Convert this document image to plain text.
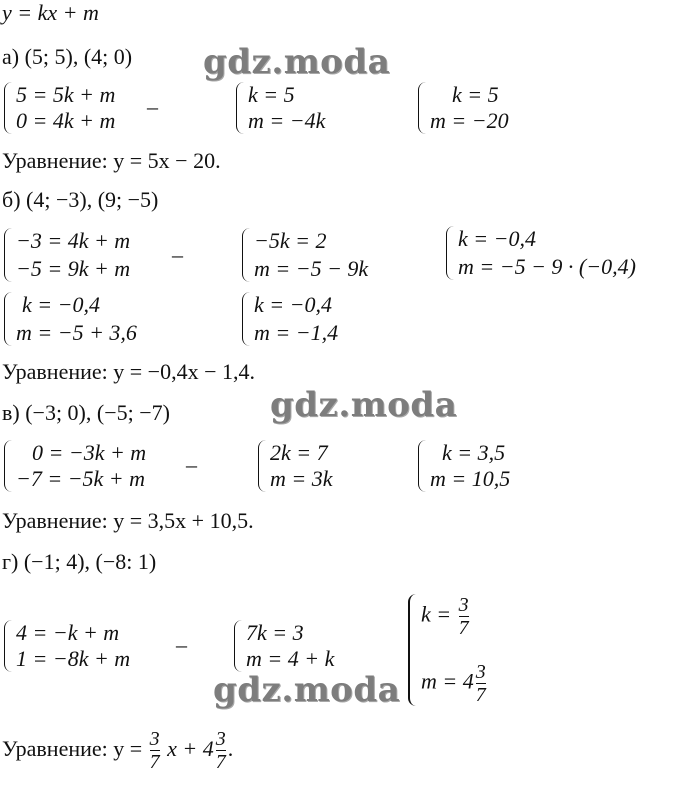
y = kx + m
gdz.moda
gdz.moda
gdz.moda
а) (5; 5), (4; 0)
5 = 5k + m
0 = 4k + m
–	k = 5
m = −4k
k = 5
m = −20
Уравнение: y = 5x − 20.
б) (4; −3), (9; −5)
−3 = 4k + m
−5 = 9k + m
–
−5k = 2
m = −5 − 9k
k = −0,4
m = −5 − 9 · (−0,4)
k = −0,4
m = −5 + 3,6
k = −0,4
m = −1,4
Уравнение: y = −0,4x − 1,4.
в) (−3; 0), (−5; −7)
0 = −3k + m
−7 = −5k + m
–	2k = 7
m = 3k
k = 3,5
m = 10,5
Уравнение: y = 3,5x + 10,5.
г) (−1; 4), (−8: 1)
4 = −k + m
1 = −8k + m
–	7k = 3
m = 4 + k
$k = \frac{3}{7}$
$m = 4 \frac{3}{7}$
Уравнение: $y = \frac{3}{7}$ $x + 4 \frac{3}{7}$ .
